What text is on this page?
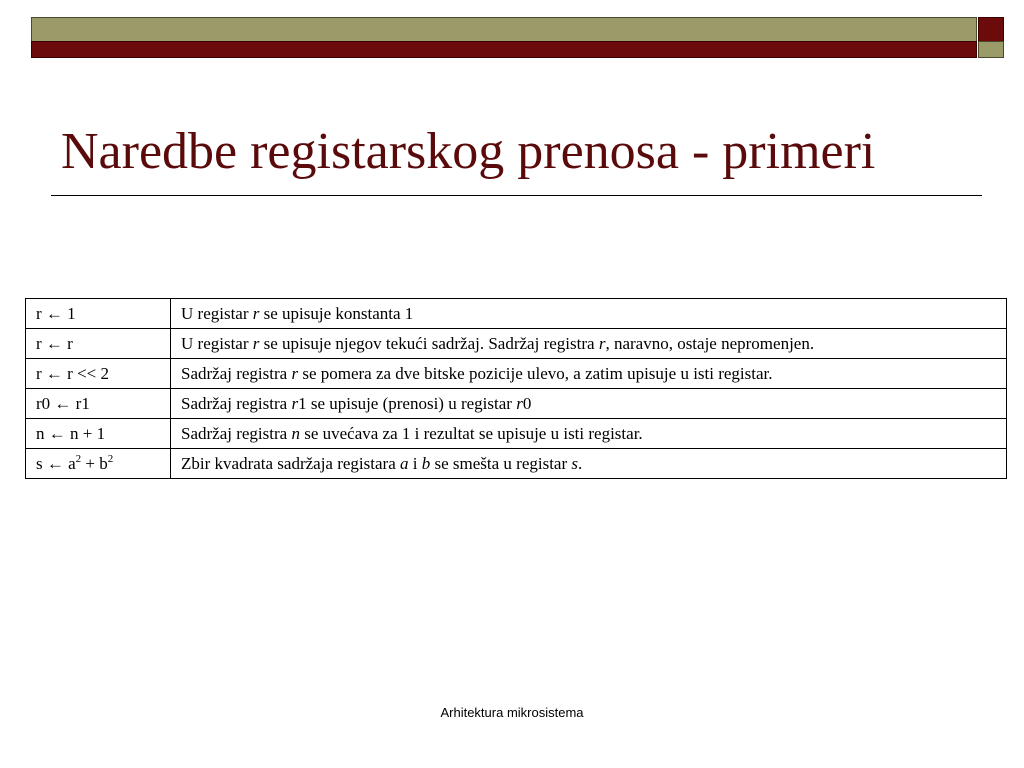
Naredbe registarskog prenosa - primeri
r ← 1	U registar r se upisuje konstanta 1
r ← r	U registar r se upisuje njegov tekući sadržaj. Sadržaj registra r, naravno, ostaje nepromenjen.
r ← r << 2	Sadržaj registra r se pomera za dve bitske pozicije ulevo, a zatim upisuje u isti registar.
r0 ← r1	Sadržaj registra r1 se upisuje (prenosi) u registar r0
n ← n + 1	Sadržaj registra n se uvećava za 1 i rezultat se upisuje u isti registar.
s ← $a^2 + b^2$	Zbir kvadrata sadržaja registara a i b se smešta u registar s.
Arhitektura mikrosistema
